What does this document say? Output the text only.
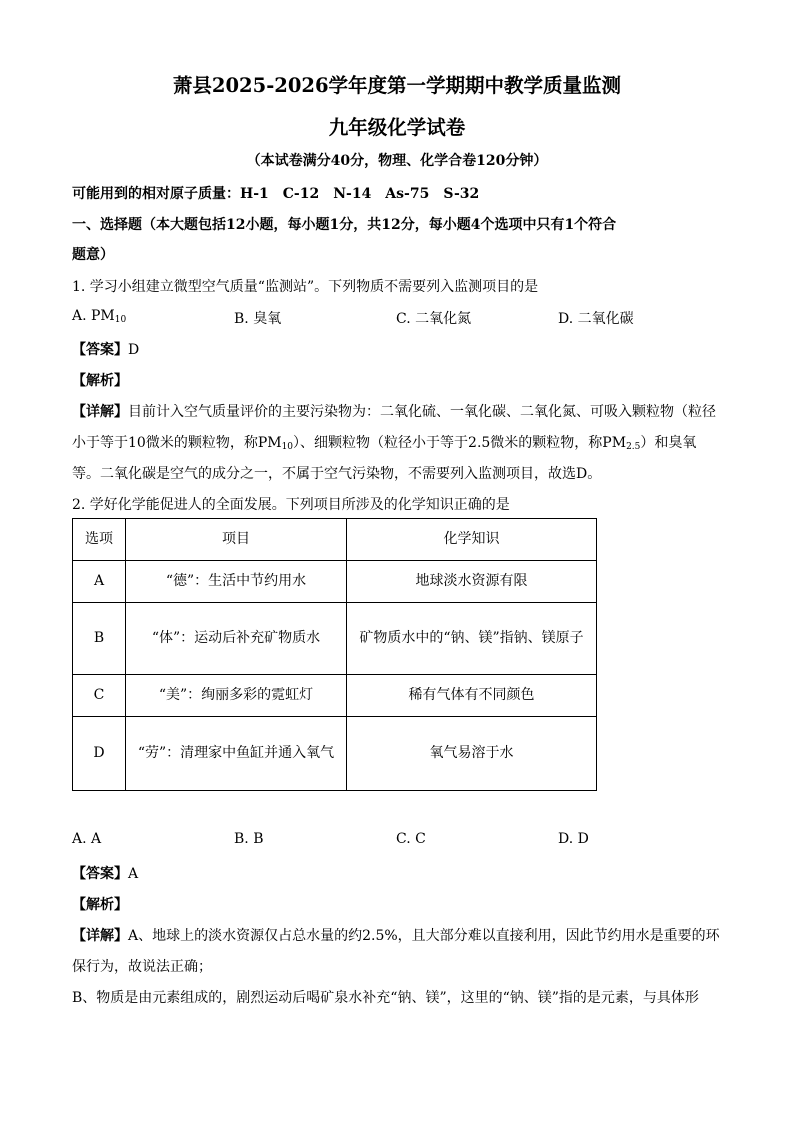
萧县2025-2026学年度第一学期期中教学质量监测
九年级化学试卷
（本试卷满分40分，物理、化学合卷120分钟）
可能用到的相对原子质量：H-1　C-12　N-14　As-75　S-32
一、选择题（本大题包括12小题，每小题1分，共12分，每小题4个选项中只有1个符合
题意）
1. 学习小组建立微型空气质量“监测站”。下列物质不需要列入监测项目的是
A. $PM_{10}$	B. 臭氧	C. 二氧化氮	D. 二氧化碳
【答案】D
【解析】
【详解】目前计入空气质量评价的主要污染物为：二氧化硫、一氧化碳、二氧化氮、可吸入颗粒物（粒径
小于等于10微米的颗粒物，称$PM_{10}$）、细颗粒物（粒径小于等于2.5微米的颗粒物，称$PM_{2.5}$）和臭氧
等。二氧化碳是空气的成分之一，不属于空气污染物，不需要列入监测项目，故选D。
2. 学好化学能促进人的全面发展。下列项目所涉及的化学知识正确的是
选项	项目	化学知识
A	“德”：生活中节约用水	地球淡水资源有限
B	“体”：运动后补充矿物质水	矿物质水中的“钠、镁”指钠、镁原子
C	“美”：绚丽多彩的霓虹灯	稀有气体有不同颜色
D	“劳”：清理家中鱼缸并通入氧气	氧气易溶于水
A. A	B. B	C. C	D. D
【答案】A
【解析】
【详解】A、地球上的淡水资源仅占总水量的约2.5%，且大部分难以直接利用，因此节约用水是重要的环
保行为，故说法正确；
B、物质是由元素组成的，剧烈运动后喝矿泉水补充“钠、镁”，这里的“钠、镁”指的是元素，与具体形
